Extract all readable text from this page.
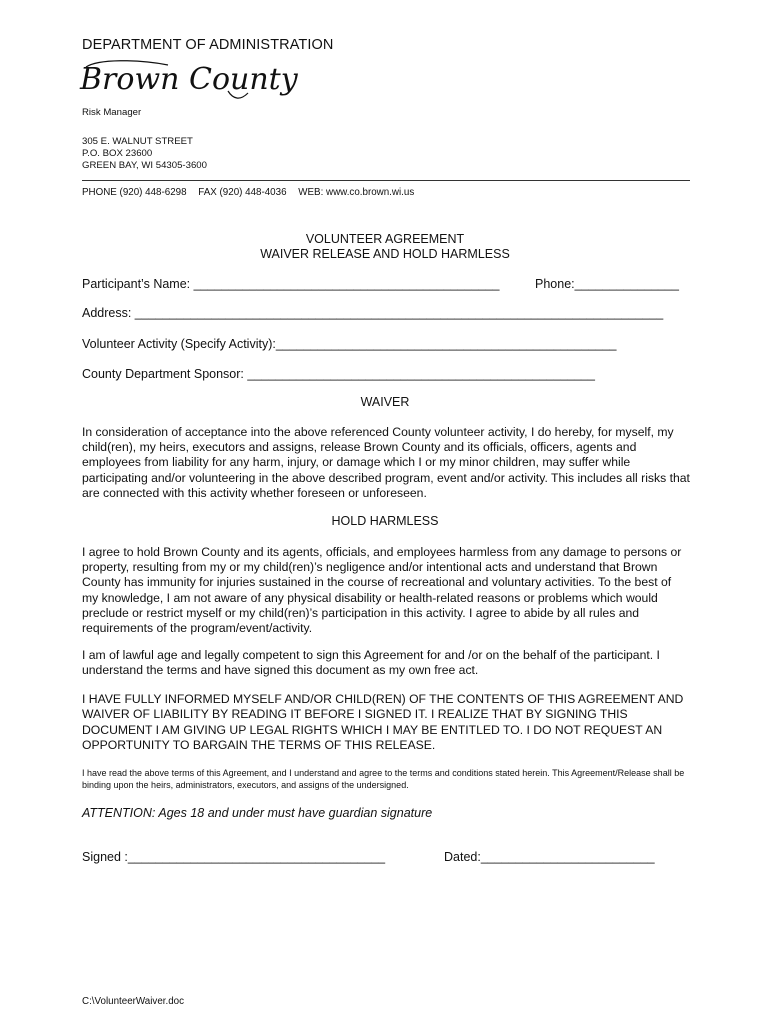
DEPARTMENT OF ADMINISTRATION
Brown County
Risk Manager
305 E. WALNUT STREET
P.O. BOX 23600
GREEN BAY, WI 54305-3600
PHONE (920) 448-6298 FAX (920) 448-4036 WEB: www.co.brown.wi.us
VOLUNTEER AGREEMENT
WAIVER RELEASE AND HOLD HARMLESS
Participant’s Name: ____________________________________________	Phone:_______________
Address: ____________________________________________________________________________
Volunteer Activity (Specify Activity):_________________________________________________
County Department Sponsor: __________________________________________________
WAIVER
In consideration of acceptance into the above referenced County volunteer activity, I do hereby, for myself, my child(ren), my heirs, executors and assigns, release Brown County and its officials, officers, agents and employees from liability for any harm, injury, or damage which I or my minor children, may suffer while participating and/or volunteering in the above described program, event and/or activity. This includes all risks that are connected with this activity whether foreseen or unforeseen.
HOLD HARMLESS
I agree to hold Brown County and its agents, officials, and employees harmless from any damage to persons or property, resulting from my or my child(ren)’s negligence and/or intentional acts and understand that Brown County has immunity for injuries sustained in the course of recreational and voluntary activities. To the best of my knowledge, I am not aware of any physical disability or health-related reasons or problems which would preclude or restrict myself or my child(ren)’s participation in this activity. I agree to abide by all rules and requirements of the program/event/activity.
I am of lawful age and legally competent to sign this Agreement for and /or on the behalf of the participant. I understand the terms and have signed this document as my own free act.
I HAVE FULLY INFORMED MYSELF AND/OR CHILD(REN) OF THE CONTENTS OF THIS AGREEMENT AND WAIVER OF LIABILITY BY READING IT BEFORE I SIGNED IT. I REALIZE THAT BY SIGNING THIS DOCUMENT I AM GIVING UP LEGAL RIGHTS WHICH I MAY BE ENTITLED TO. I DO NOT REQUEST AN OPPORTUNITY TO BARGAIN THE TERMS OF THIS RELEASE.
I have read the above terms of this Agreement, and I understand and agree to the terms and conditions stated herein. This Agreement/Release shall be binding upon the heirs, administrators, executors, and assigns of the undersigned.
ATTENTION: Ages 18 and under must have guardian signature
Signed :_____________________________________	Dated:_________________________
C:\VolunteerWaiver.doc
